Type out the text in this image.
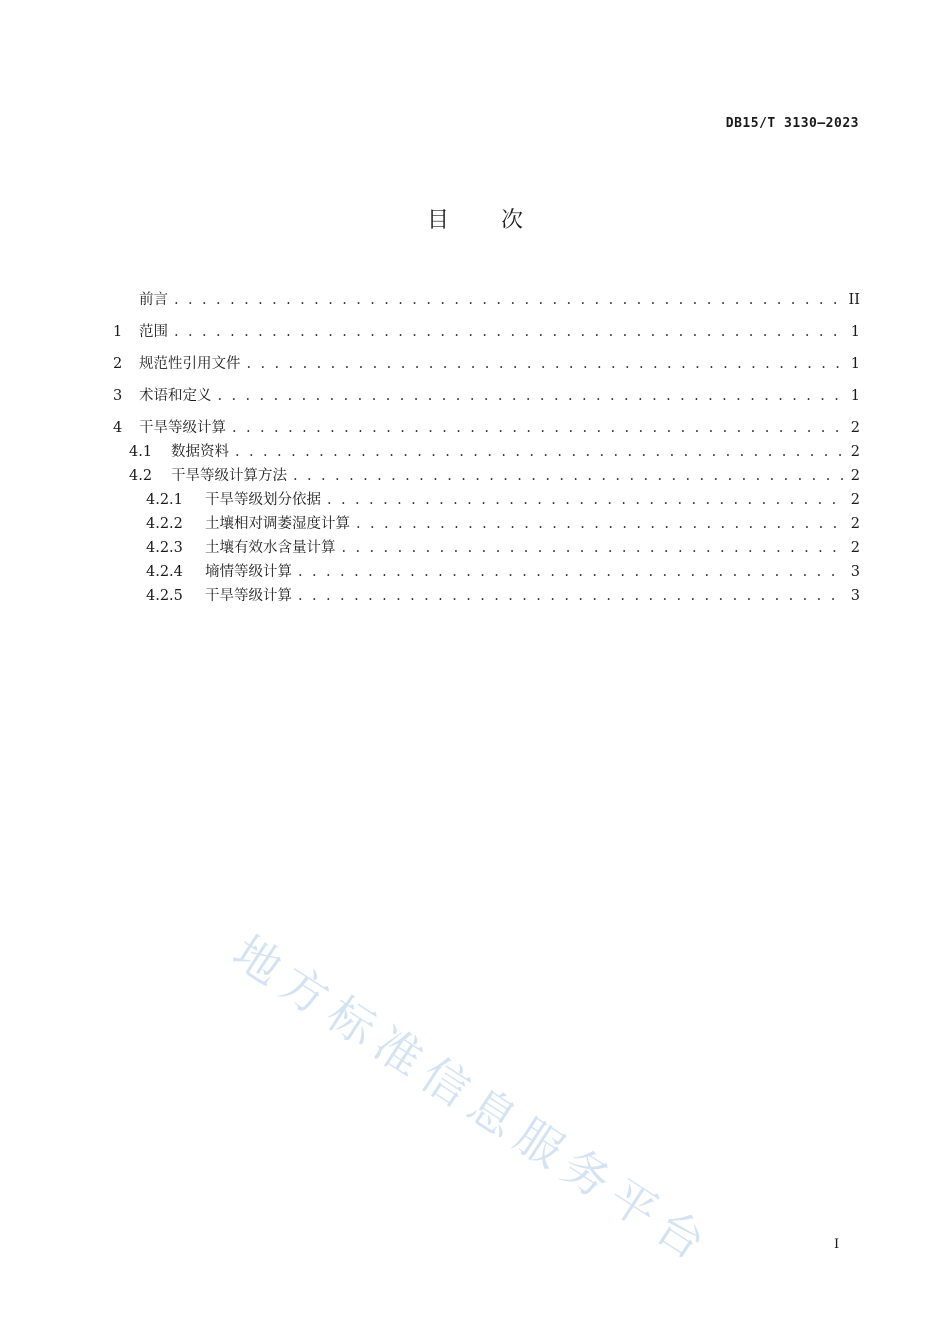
DB15/T 3130—2023
目 次
前言 . . .	II
1 范围 . . .	1
2 规范性引用文件 . . .	1
3 术语和定义 . . .	1
4 干旱等级计算 . . .	2
4.1 数据资料 . . .	2
4.2 干旱等级计算方法 . . .	2
4.2.1 干旱等级划分依据 . . .	2
4.2.2 土壤相对调萎湿度计算 . . .	2
4.2.3 土壤有效水含量计算 . . .	2
4.2.4 墒情等级计算 . . .	3
4.2.5 干旱等级计算 . . .	3
地方标准信息服务平台	I
